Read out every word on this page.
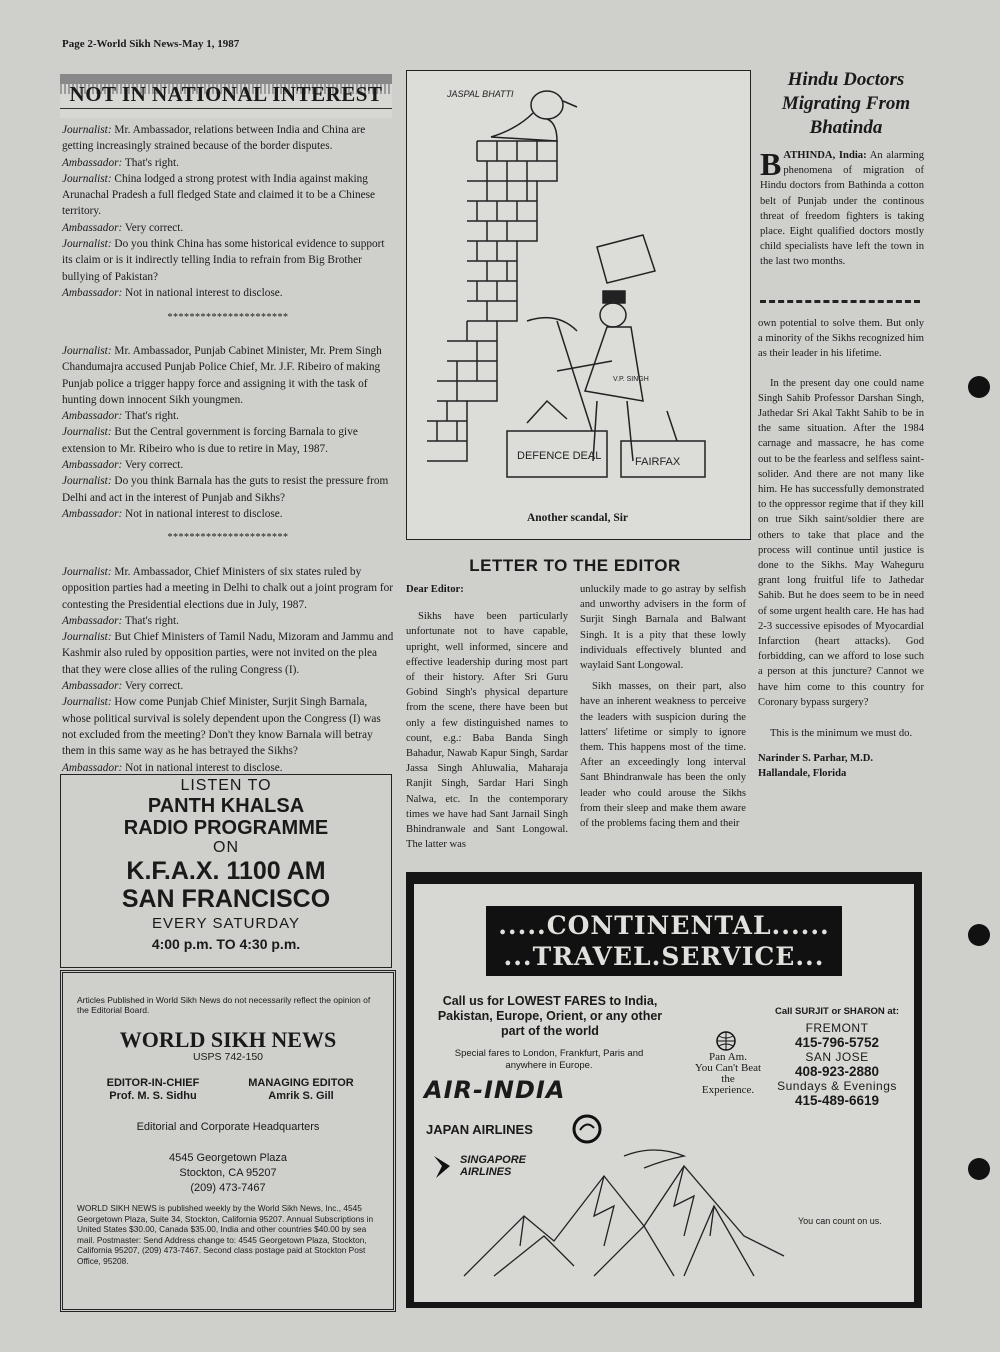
Page 2-World Sikh News-May 1, 1987
NOT IN NATIONAL INTEREST

Journalist: Mr. Ambassador, relations between India and China are getting increasingly strained because of the border disputes.

Ambassador: That's right.

Journalist: China lodged a strong protest with India against making Arunachal Pradesh a full fledged State and claimed it to be a Chinese territory.

Ambassador: Very correct.

Journalist: Do you think China has some historical evidence to support its claim or is it indirectly telling India to refrain from Big Brother bullying of Pakistan?

Ambassador: Not in national interest to disclose.

**********************

Journalist: Mr. Ambassador, Punjab Cabinet Minister, Mr. Prem Singh Chandumajra accused Punjab Police Chief, Mr. J.F. Ribeiro of making Punjab police a trigger happy force and assigning it with the task of hunting down innocent Sikh youngmen.

Ambassador: That's right.

Journalist: But the Central government is forcing Barnala to give extension to Mr. Ribeiro who is due to retire in May, 1987.

Ambassador: Very correct.

Journalist: Do you think Barnala has the guts to resist the pressure from Delhi and act in the interest of Punjab and Sikhs?

Ambassador: Not in national interest to disclose.

**********************

Journalist: Mr. Ambassador, Chief Ministers of six states ruled by opposition parties had a meeting in Delhi to chalk out a joint program for contesting the Presidential elections due in July, 1987.

Ambassador: That's right.

Journalist: But Chief Ministers of Tamil Nadu, Mizoram and Jammu and Kashmir also ruled by opposition parties, were not invited on the plea that they were close allies of the ruling Congress (I).

Ambassador: Very correct.

Journalist: How come Punjab Chief Minister, Surjit Singh Barnala, whose political survival is solely dependent upon the Congress (I) was not excluded from the meeting? Don't they know Barnala will betray them in this same way as he has betrayed the Sikhs?

Ambassador: Not in national interest to disclose.

LISTEN TO
PANTH KHALSA
RADIO PROGRAMME
ON
K.F.A.X. 1100 AM
SAN FRANCISCO
EVERY SATURDAY
4:00 p.m. TO 4:30 p.m.
Articles Published in World Sikh News do not necessarily reflect the opinion of the Editorial Board.
WORLD SIKH NEWS
USPS 742-150
EDITOR-IN-CHIEF
Prof. M. S. Sidhu
MANAGING EDITOR
Amrik S. Gill
Editorial and Corporate Headquarters
4545 Georgetown Plaza
Stockton, CA 95207
(209) 473-7467
WORLD SIKH NEWS is published weekly by the World Sikh News, Inc., 4545 Georgetown Plaza, Suite 34, Stockton, California 95207. Annual Subscriptions in United States $30.00, Canada $35.00, India and other countries $40.00 by sea mail. Postmaster: Send Address change to: 4545 Georgetown Plaza, Stockton, California 95207, (209) 473-7467. Second class postage paid at Stockton Post Office, 95208.
JASPAL BHATTI
DEFENCE DEAL	FAIRFAX
V.P. SINGH
Another scandal, Sir
LETTER TO THE EDITOR

Dear Editor:

Sikhs have been particularly unfortunate not to have capable, upright, well informed, sincere and effective leadership during most part of their history. After Sri Guru Gobind Singh's physical departure from the scene, there have been but only a few distinguished names to count, e.g.: Baba Banda Singh Bahadur, Nawab Kapur Singh, Sardar Jassa Singh Ahluwalia, Maharaja Ranjit Singh, Sardar Hari Singh Nalwa, etc. In the contemporary times we have had Sant Jarnail Singh Bhindranwale and Sant Longowal. The latter was

unluckily made to go astray by selfish and unworthy advisers in the form of Surjit Singh Barnala and Balwant Singh. It is a pity that these lowly individuals effectively blunted and waylaid Sant Longowal.

Sikh masses, on their part, also have an inherent weakness to perceive the leaders with suspicion during the latters' lifetime or simply to ignore them. This happens most of the time. After an exceedingly long interval Sant Bhindranwale has been the only leader who could arouse the Sikhs from their sleep and make them aware of the problems facing them and their

own potential to solve them. But only a minority of the Sikhs recognized him as their leader in his lifetime.

In the present day one could name Singh Sahib Professor Darshan Singh, Jathedar Sri Akal Takht Sahib to be in the same situation. After the 1984 carnage and massacre, he has come out to be the fearless and selfless saint-solider. And there are not many like him. He has successfully demonstrated to the oppressor regime that if they kill on true Sikh saint/soldier there are others to take that place and the process will continue until justice is done to the Sikhs. May Waheguru grant long fruitful life to Jathedar Sahib. But he does seem to be in need of some urgent health care. He has had 2-3 successive episodes of Myocardial Infarction (heart attacks). God forbidding, can we afford to lose such a person at this juncture? Cannot we have him come to this country for Coronary bypass surgery?

This is the minimum we must do.

Narinder S. Parhar, M.D.
Hallandale, Florida
Hindu Doctors Migrating From Bhatinda

BATHINDA, India: An alarming phenomena of migration of Hindu doctors from Bathinda a cotton belt of Punjab under the continous threat of freedom fighters is taking place. Eight qualified doctors mostly child specialists have left the town in the last two months.

.....CONTINENTAL......
...TRAVEL.SERVICE...
Call us for LOWEST FARES to India, Pakistan, Europe, Orient, or any other part of the world
Special fares to London, Frankfurt, Paris and anywhere in Europe.
AIR-INDIA
JAPAN AIRLINES
SINGAPORE
AIRLINES
Pan Am.
You Can't Beat
the
Experience.
Call SURJIT or SHARON at:
FREMONT
415-796-5752
SAN JOSE
408-923-2880
Sundays & Evenings
415-489-6619
You can count on us.
